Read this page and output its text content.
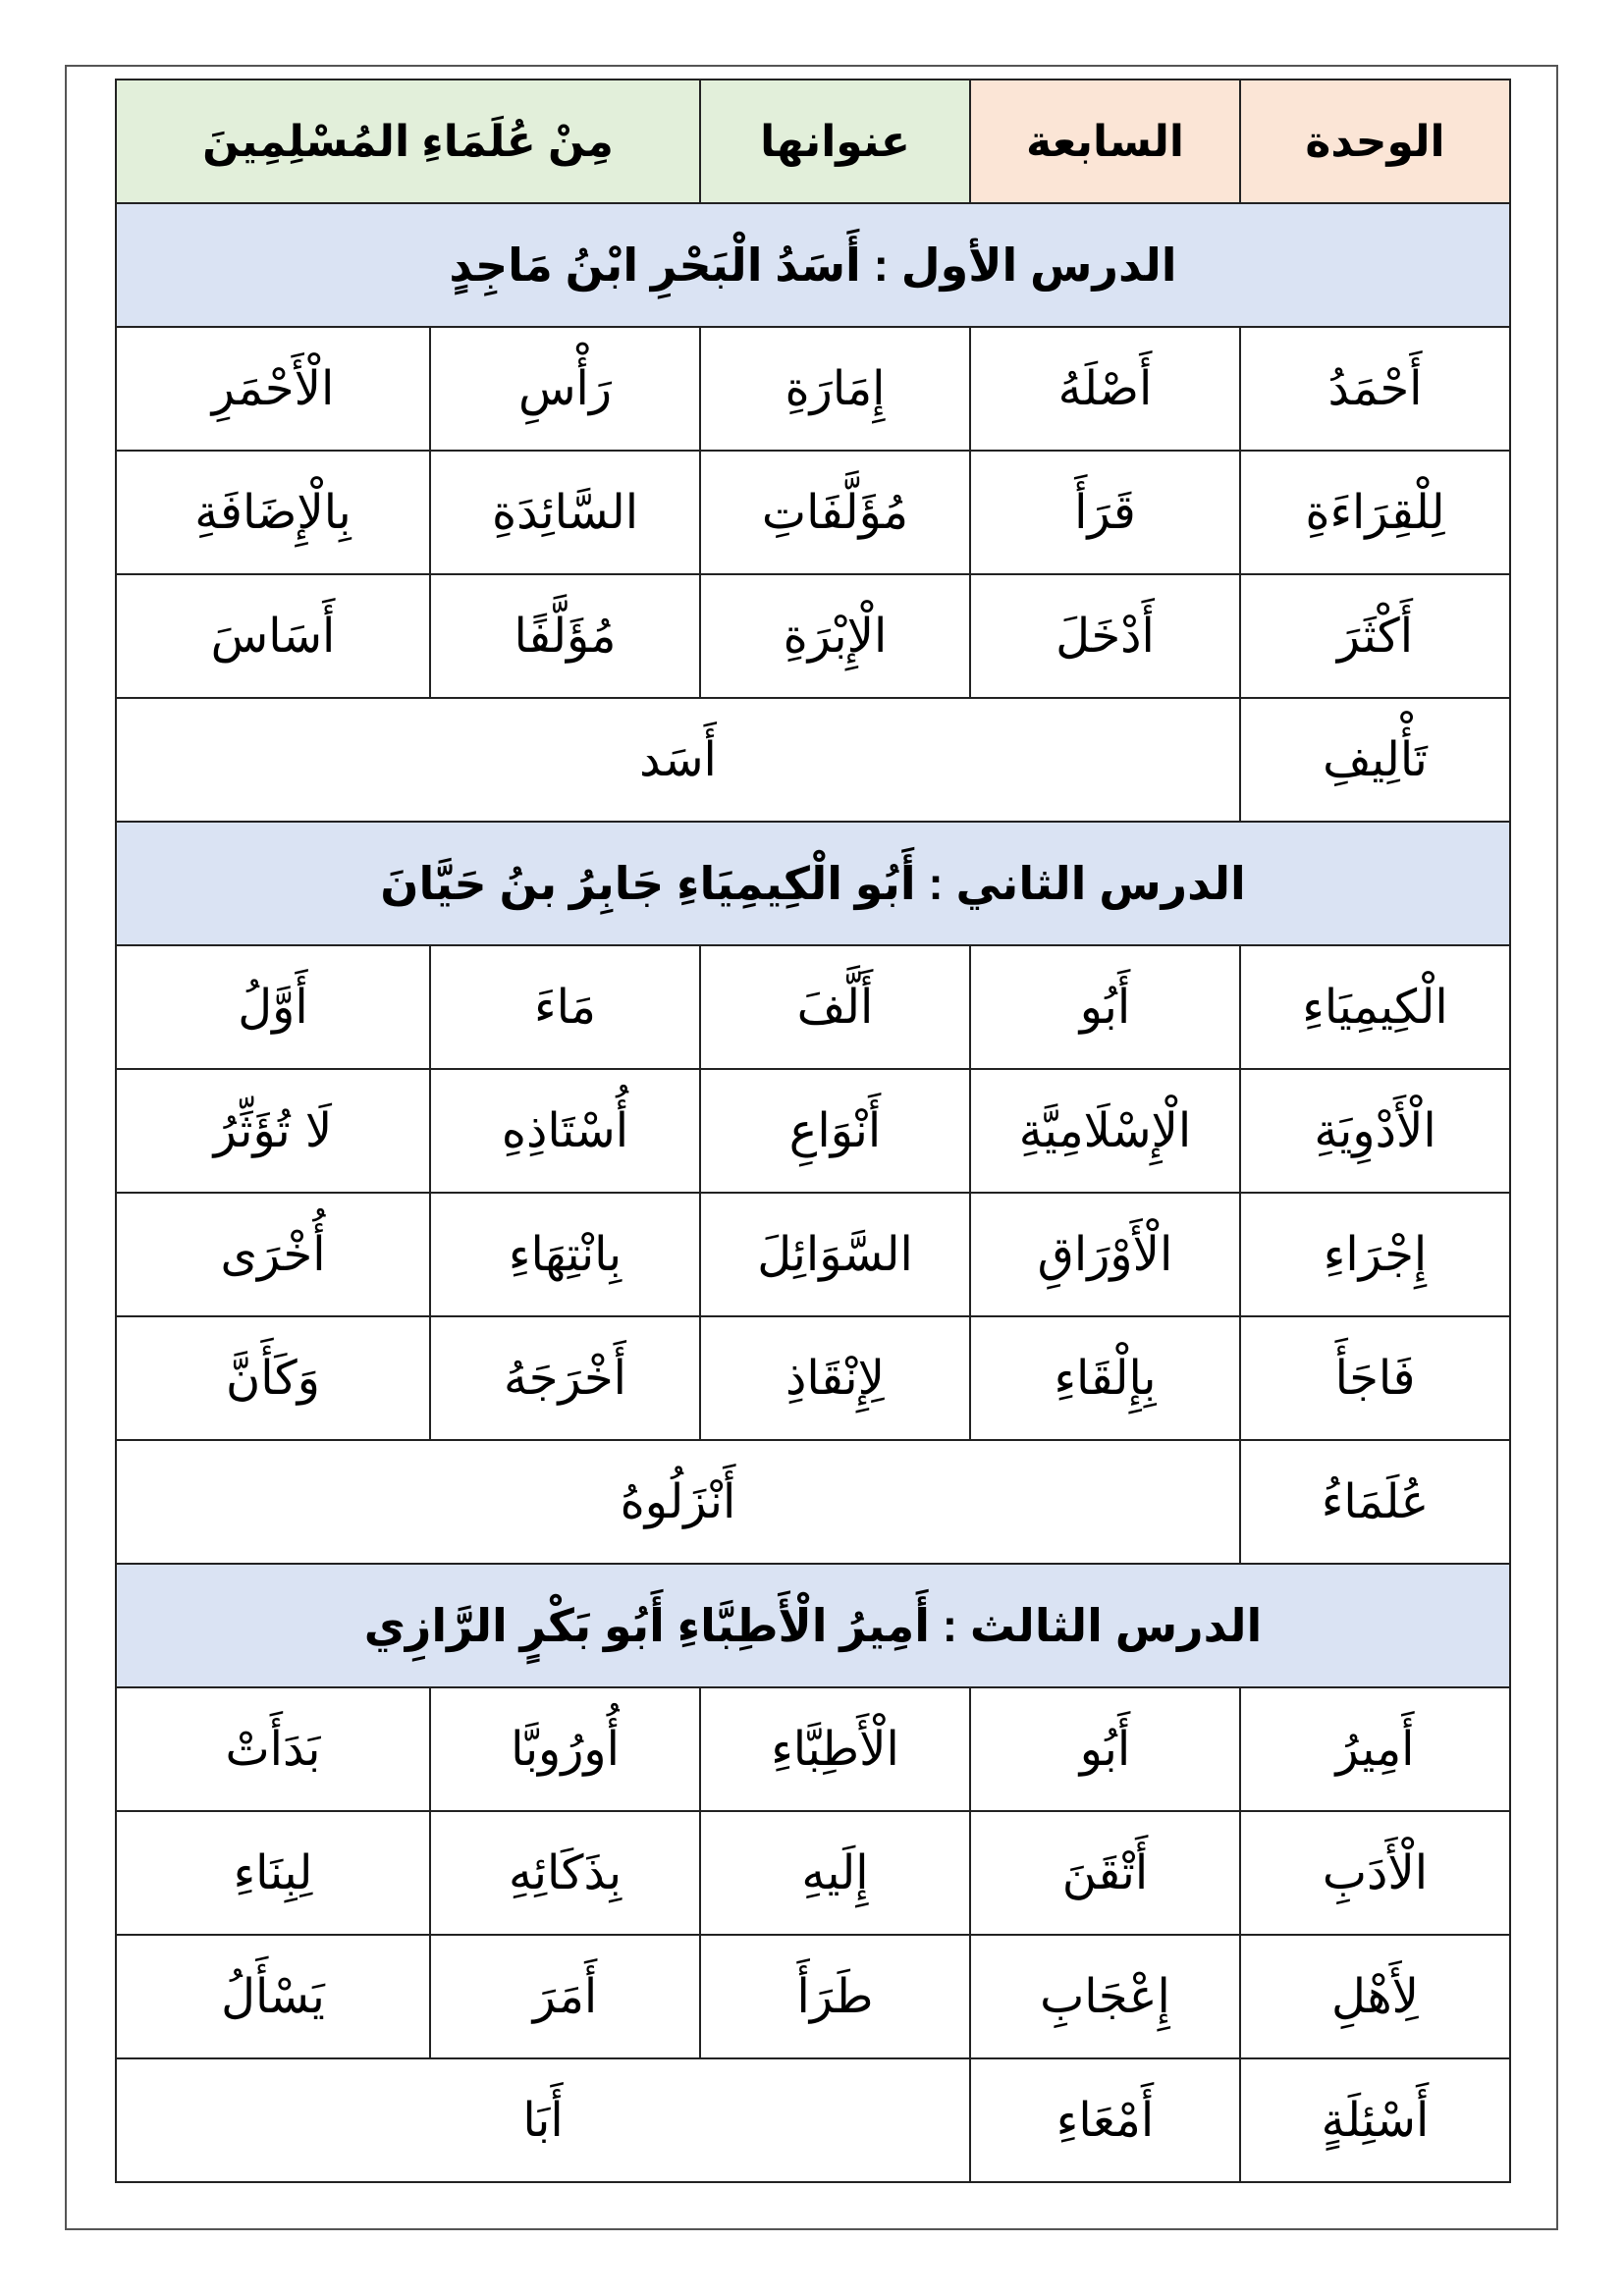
الوحدة	السابعة	عنوانها	مِنْ عُلَمَاءِ المُسْلِمِينَ	
الدرس الأول : أَسَدُ الْبَحْرِ ابْنُ مَاجِدٍ				
أَحْمَدُ	أَصْلَهُ	إِمَارَةِ	رَأْسِ	الْأَحْمَرِ
لِلْقِرَاءَةِ	قَرَأَ	مُؤَلَّفَاتِ	السَّائِدَةِ	بِالْإِضَافَةِ
أَكْثَرَ	أَدْخَلَ	الْإِبْرَةِ	مُؤَلَّفًا	أَسَاسَ
تَأْلِيفِ	أَسَد			
الدرس الثاني : أَبُو الْكِيمِيَاءِ جَابِرُ بنُ حَيَّانَ				
الْكِيمِيَاءِ	أَبُو	أَلَّفَ	مَاءَ	أَوَّلُ
الْأَدْوِيَةِ	الْإِسْلَامِيَّةِ	أَنْوَاعِ	أُسْتَاذِهِ	لَا تُؤَثِّرُ
إِجْرَاءِ	الْأَوْرَاقِ	السَّوَائِلَ	بِانْتِهَاءِ	أُخْرَى
فَاجَأَ	بِإِلْقَاءِ	لِإِنْقَاذِ	أَخْرَجَهُ	وَكَأَنَّ
عُلَمَاءُ	أَنْزَلُوهُ			
الدرس الثالث : أَمِيرُ الْأَطِبَّاءِ أَبُو بَكْرٍ الرَّازِي				
أَمِيرُ	أَبُو	الْأَطِبَّاءِ	أُورُوبَّا	بَدَأَتْ
الْأَدَبِ	أَتْقَنَ	إِلَيهِ	بِذَكَائِهِ	لِبِنَاءِ
لِأَهْلِ	إِعْجَابِ	طَرَأَ	أَمَرَ	يَسْأَلُ
أَسْئِلَةٍ	أَمْعَاءِ	أَبَا		
